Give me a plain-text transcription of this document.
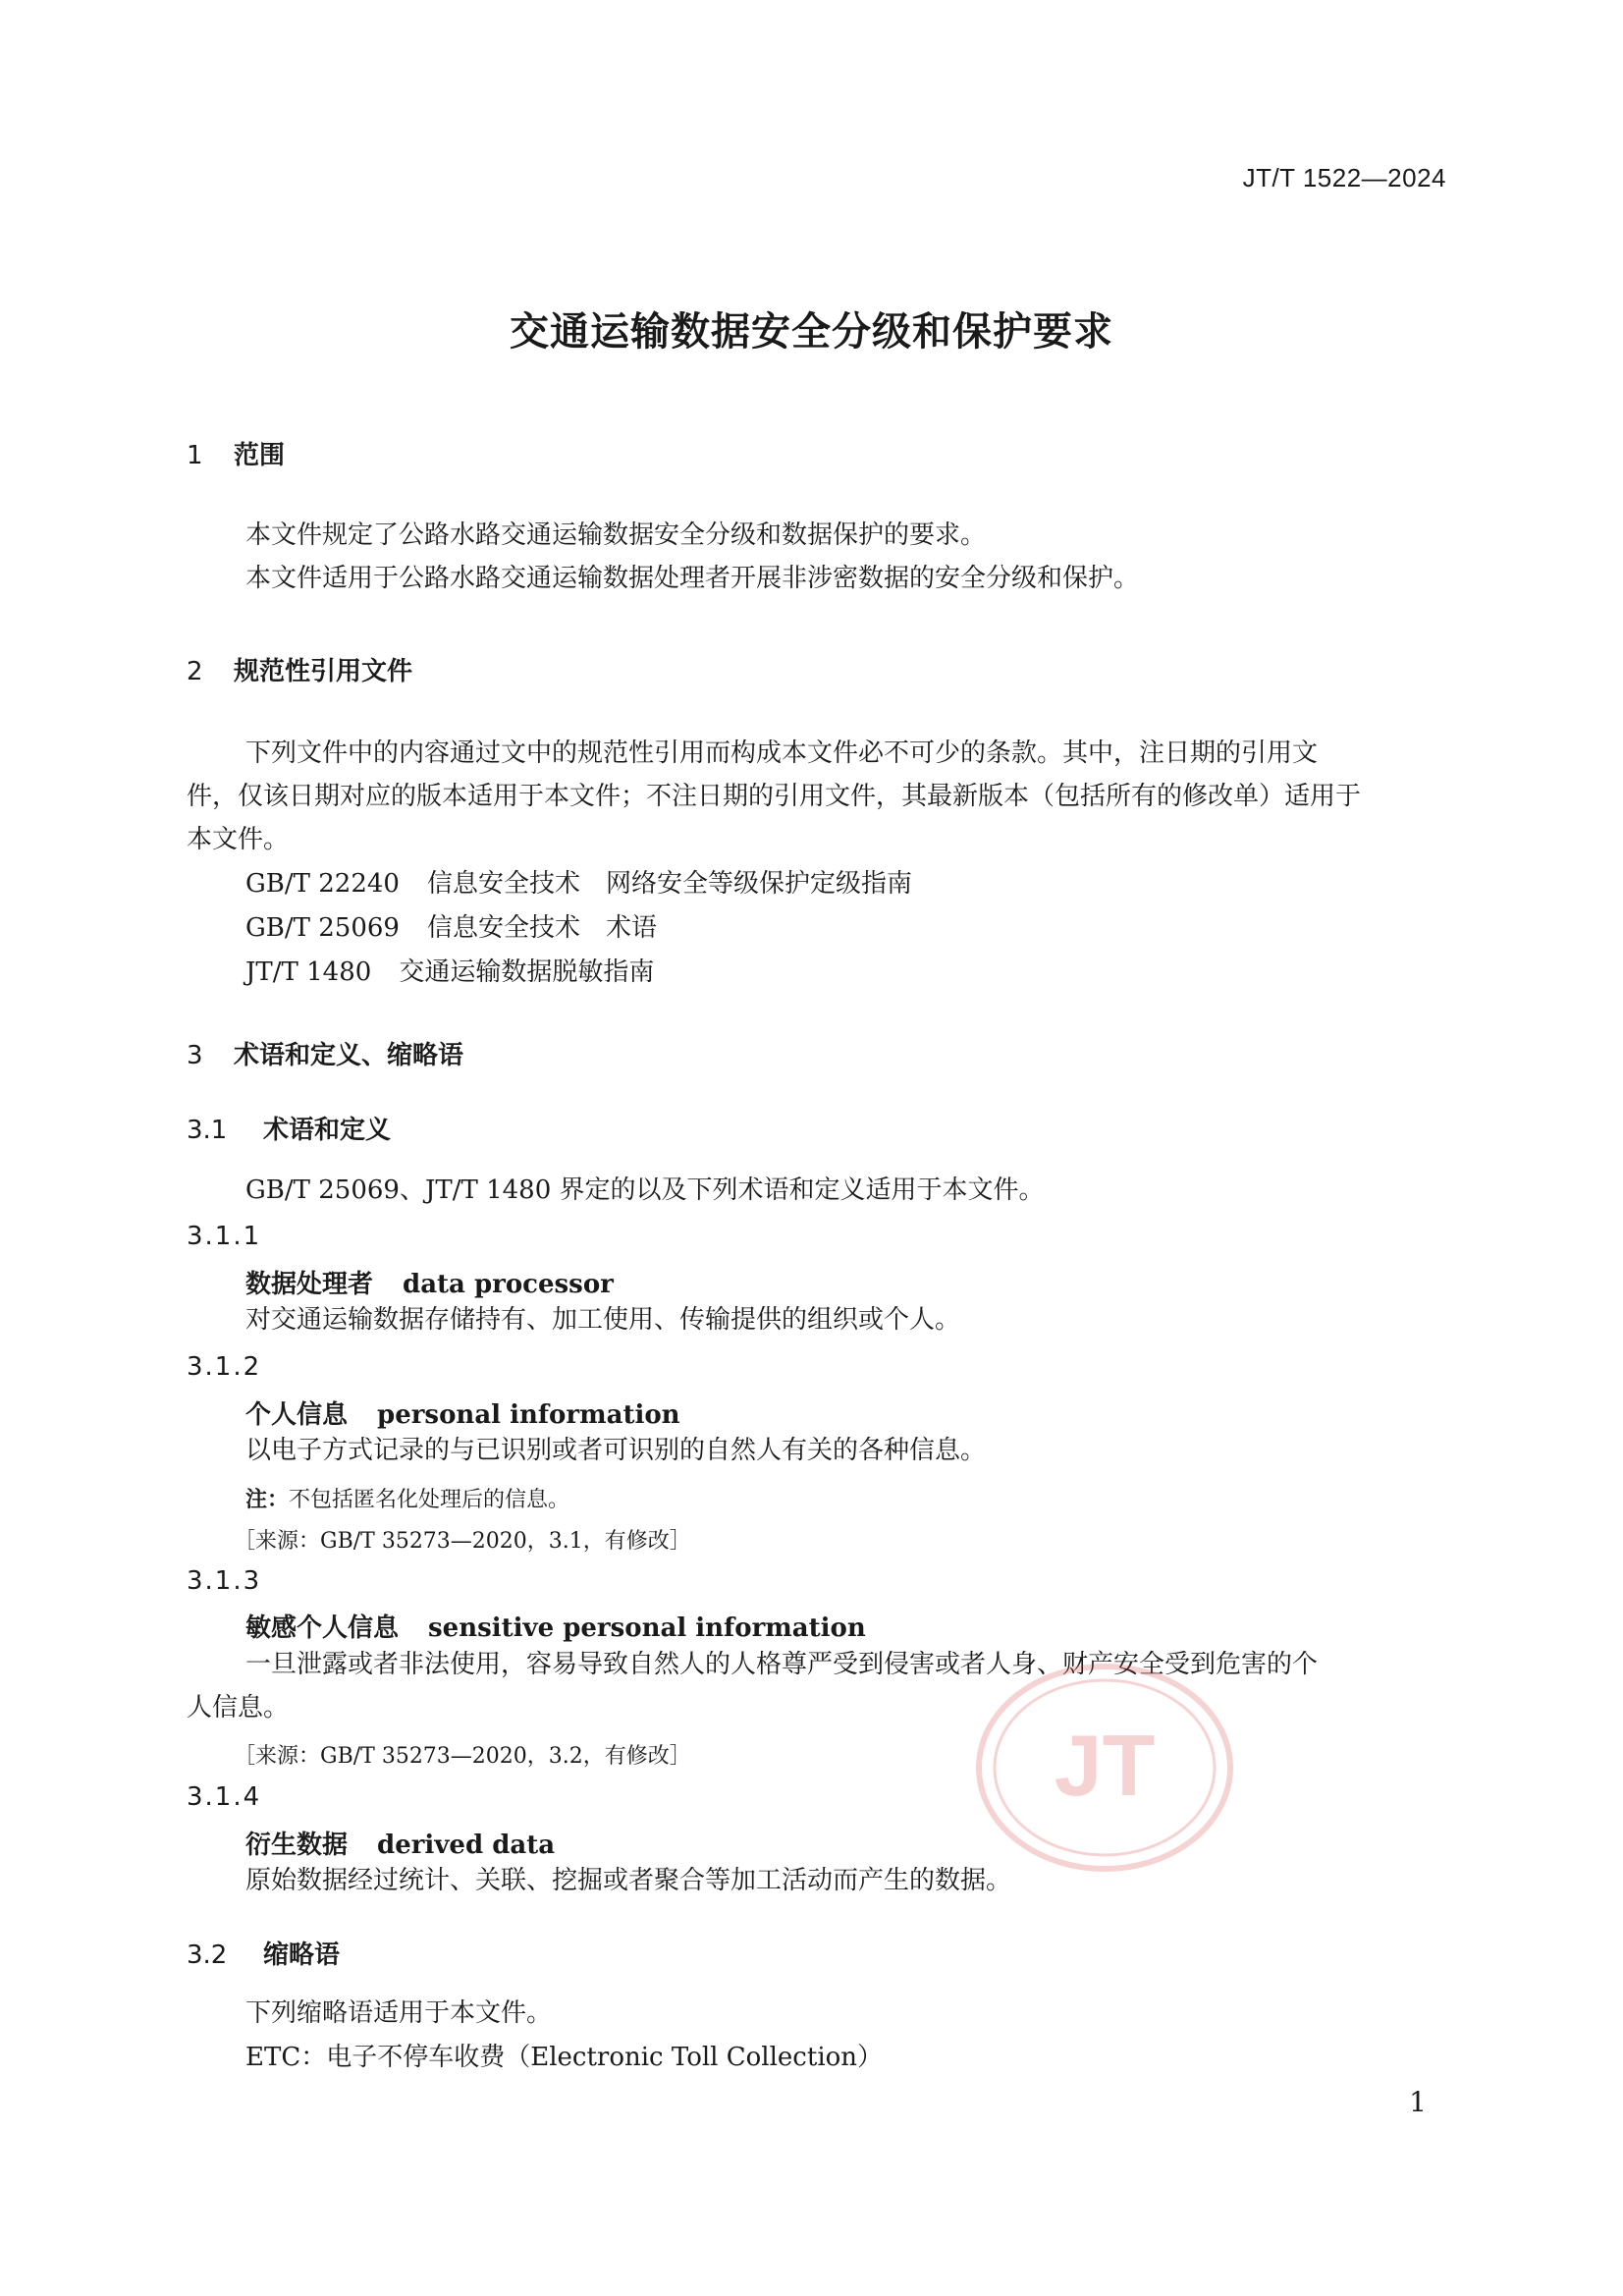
JT/T 1522—2024
交通运输数据安全分级和保护要求
1 范围
本文件规定了公路水路交通运输数据安全分级和数据保护的要求。
本文件适用于公路水路交通运输数据处理者开展非涉密数据的安全分级和保护。
2 规范性引用文件
下列文件中的内容通过文中的规范性引用而构成本文件必不可少的条款。其中，注日期的引用文
件，仅该日期对应的版本适用于本文件；不注日期的引用文件，其最新版本（包括所有的修改单）适用于
本文件。
GB/T 22240 信息安全技术　网络安全等级保护定级指南
GB/T 25069 信息安全技术　术语
JT/T 1480 交通运输数据脱敏指南
3 术语和定义、缩略语
3.1 术语和定义
GB/T 25069、JT/T 1480 界定的以及下列术语和定义适用于本文件。
3.1.1
数据处理者 data processor
对交通运输数据存储持有、加工使用、传输提供的组织或个人。
3.1.2
个人信息 personal information
以电子方式记录的与已识别或者可识别的自然人有关的各种信息。
注：不包括匿名化处理后的信息。
［来源：GB/T 35273—2020，3.1，有修改］
3.1.3
敏感个人信息 sensitive personal information
一旦泄露或者非法使用，容易导致自然人的人格尊严受到侵害或者人身、财产安全受到危害的个
人信息。
［来源：GB/T 35273—2020，3.2，有修改］
3.1.4
衍生数据 derived data
原始数据经过统计、关联、挖掘或者聚合等加工活动而产生的数据。
3.2 缩略语
下列缩略语适用于本文件。
ETC：电子不停车收费（Electronic Toll Collection）
1
JT
